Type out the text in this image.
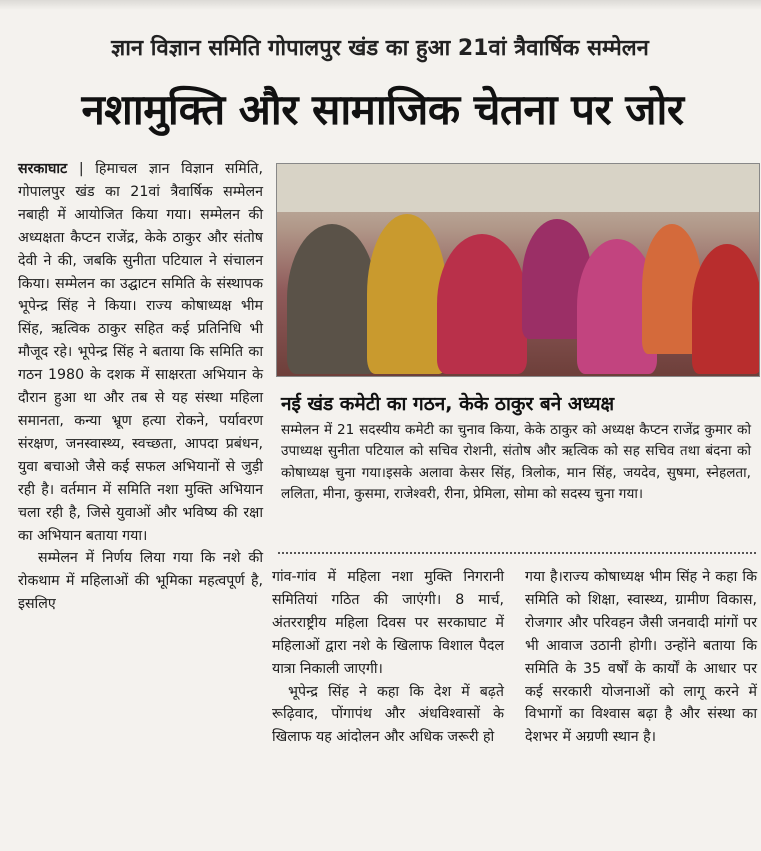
ज्ञान विज्ञान समिति गोपालपुर खंड का हुआ 21वां त्रैवार्षिक सम्मेलन
नशामुक्ति और सामाजिक चेतना पर जोर

सरकाघाट | हिमाचल ज्ञान विज्ञान समिति, गोपालपुर खंड का 21वां त्रैवार्षिक सम्मेलन नबाही में आयोजित किया गया। सम्मेलन की अध्यक्षता कैप्टन राजेंद्र, केके ठाकुर और संतोष देवी ने की, जबकि सुनीता पटियाल ने संचालन किया। सम्मेलन का उद्घाटन समिति के संस्थापक भूपेन्द्र सिंह ने किया। राज्य कोषाध्यक्ष भीम सिंह, ऋत्विक ठाकुर सहित कई प्रतिनिधि भी मौजूद रहे। भूपेन्द्र सिंह ने बताया कि समिति का गठन 1980 के दशक में साक्षरता अभियान के दौरान हुआ था और तब से यह संस्था महिला समानता, कन्या भ्रूण हत्या रोकने, पर्यावरण संरक्षण, जनस्वास्थ्य, स्वच्छता, आपदा प्रबंधन, युवा बचाओ जैसे कई सफल अभियानों से जुड़ी रही है। वर्तमान में समिति नशा मुक्ति अभियान चला रही है, जिसे युवाओं और भविष्य की रक्षा का अभियान बताया गया।

सम्मेलन में निर्णय लिया गया कि नशे की रोकथाम में महिलाओं की भूमिका महत्वपूर्ण है, इसलिए

नई खंड कमेटी का गठन, केके ठाकुर बने अध्यक्ष

सम्मेलन में 21 सदस्यीय कमेटी का चुनाव किया, केके ठाकुर को अध्यक्ष कैप्टन राजेंद्र कुमार को उपाध्यक्ष सुनीता पटियाल को सचिव रोशनी, संतोष और ऋत्विक को सह सचिव तथा बंदना को कोषाध्यक्ष चुना गया।इसके अलावा केसर सिंह, त्रिलोक, मान सिंह, जयदेव, सुषमा, स्नेहलता, ललिता, मीना, कुसमा, राजेश्वरी, रीना, प्रेमिला, सोमा को सदस्य चुना गया।

गांव-गांव में महिला नशा मुक्ति निगरानी समितियां गठित की जाएंगी। 8 मार्च, अंतरराष्ट्रीय महिला दिवस पर सरकाघाट में महिलाओं द्वारा नशे के खिलाफ विशाल पैदल यात्रा निकाली जाएगी।

भूपेन्द्र सिंह ने कहा कि देश में बढ़ते रूढ़िवाद, पोंगापंथ और अंधविश्वासों के खिलाफ यह आंदोलन और अधिक जरूरी हो

गया है।राज्य कोषाध्यक्ष भीम सिंह ने कहा कि समिति को शिक्षा, स्वास्थ्य, ग्रामीण विकास, रोजगार और परिवहन जैसी जनवादी मांगों पर भी आवाज उठानी होगी। उन्होंने बताया कि समिति के 35 वर्षों के कार्यों के आधार पर कई सरकारी योजनाओं को लागू करने में विभागों का विश्वास बढ़ा है और संस्था का देशभर में अग्रणी स्थान है।
